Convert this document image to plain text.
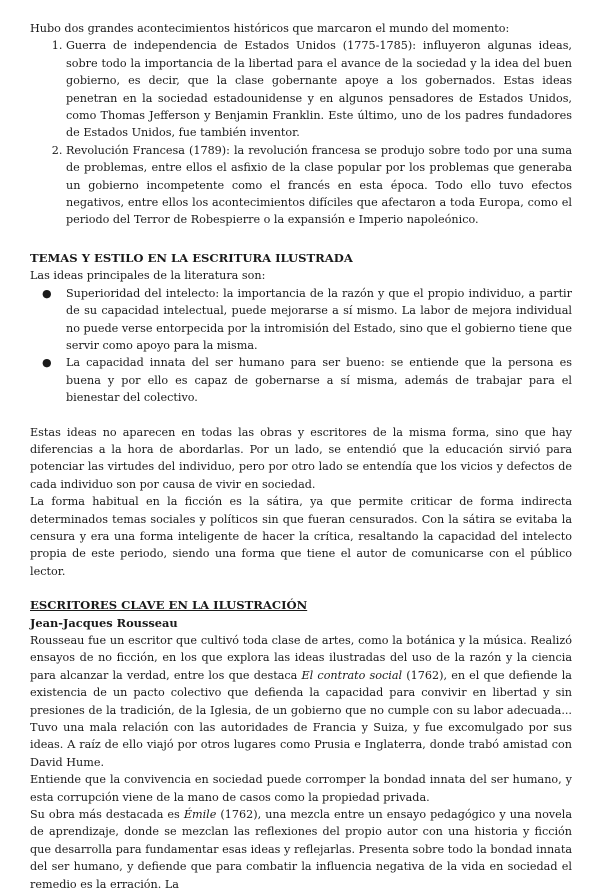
Hubo dos grandes acontecimientos históricos que marcaron el mundo del momento:

1. Guerra de independencia de Estados Unidos (1775-1785): influyeron algunas ideas, sobre todo la importancia de la libertad para el avance de la sociedad y la idea del buen gobierno, es decir, que la clase gobernante apoye a los gobernados. Estas ideas penetran en la sociedad estadounidense y en algunos pensadores de Estados Unidos, como Thomas Jefferson y Benjamin Franklin. Este último, uno de los padres fundadores de Estados Unidos, fue también inventor.
2. Revolución Francesa (1789): la revolución francesa se produjo sobre todo por una suma de problemas, entre ellos el asfixio de la clase popular por los problemas que generaba un gobierno incompetente como el francés en esta época. Todo ello tuvo efectos negativos, entre ellos los acontecimientos difíciles que afectaron a toda Europa, como el periodo del Terror de Robespierre o la expansión e Imperio napoleónico.
TEMAS Y ESTILO EN LA ESCRITURA ILUSTRADA

Las ideas principales de la literatura son:

● Superioridad del intelecto: la importancia de la razón y que el propio individuo, a partir de su capacidad intelectual, puede mejorarse a sí mismo. La labor de mejora individual no puede verse entorpecida por la intromisión del Estado, sino que el gobierno tiene que servir como apoyo para la misma.
● La capacidad innata del ser humano para ser bueno: se entiende que la persona es buena y por ello es capaz de gobernarse a sí misma, además de trabajar para el bienestar del colectivo.

Estas ideas no aparecen en todas las obras y escritores de la misma forma, sino que hay diferencias a la hora de abordarlas. Por un lado, se entendió que la educación sirvió para potenciar las virtudes del individuo, pero por otro lado se entendía que los vicios y defectos de cada individuo son por causa de vivir en sociedad.

La forma habitual en la ficción es la sátira, ya que permite criticar de forma indirecta determinados temas sociales y políticos sin que fueran censurados. Con la sátira se evitaba la censura y era una forma inteligente de hacer la crítica, resaltando la capacidad del intelecto propia de este periodo, siendo una forma que tiene el autor de comunicarse con el público lector.

ESCRITORES CLAVE EN LA ILUSTRACIÓN
Jean-Jacques Rousseau

Rousseau fue un escritor que cultivó toda clase de artes, como la botánica y la música. Realizó ensayos de no ficción, en los que explora las ideas ilustradas del uso de la razón y la ciencia para alcanzar la verdad, entre los que destaca El contrato social (1762), en el que defiende la existencia de un pacto colectivo que defienda la capacidad para convivir en libertad y sin presiones de la tradición, de la Iglesia, de un gobierno que no cumple con su labor adecuada... Tuvo una mala relación con las autoridades de Francia y Suiza, y fue excomulgado por sus ideas. A raíz de ello viajó por otros lugares como Prusia e Inglaterra, donde trabó amistad con David Hume.

Entiende que la convivencia en sociedad puede corromper la bondad innata del ser humano, y esta corrupción viene de la mano de casos como la propiedad privada.

Su obra más destacada es Émile (1762), una mezcla entre un ensayo pedagógico y una novela de aprendizaje, donde se mezclan las reflexiones del propio autor con una historia y ficción que desarrolla para fundamentar esas ideas y reflejarlas. Presenta sobre todo la bondad innata del ser humano, y defiende que para combatir la influencia negativa de la vida en sociedad el remedio es la erración. La
